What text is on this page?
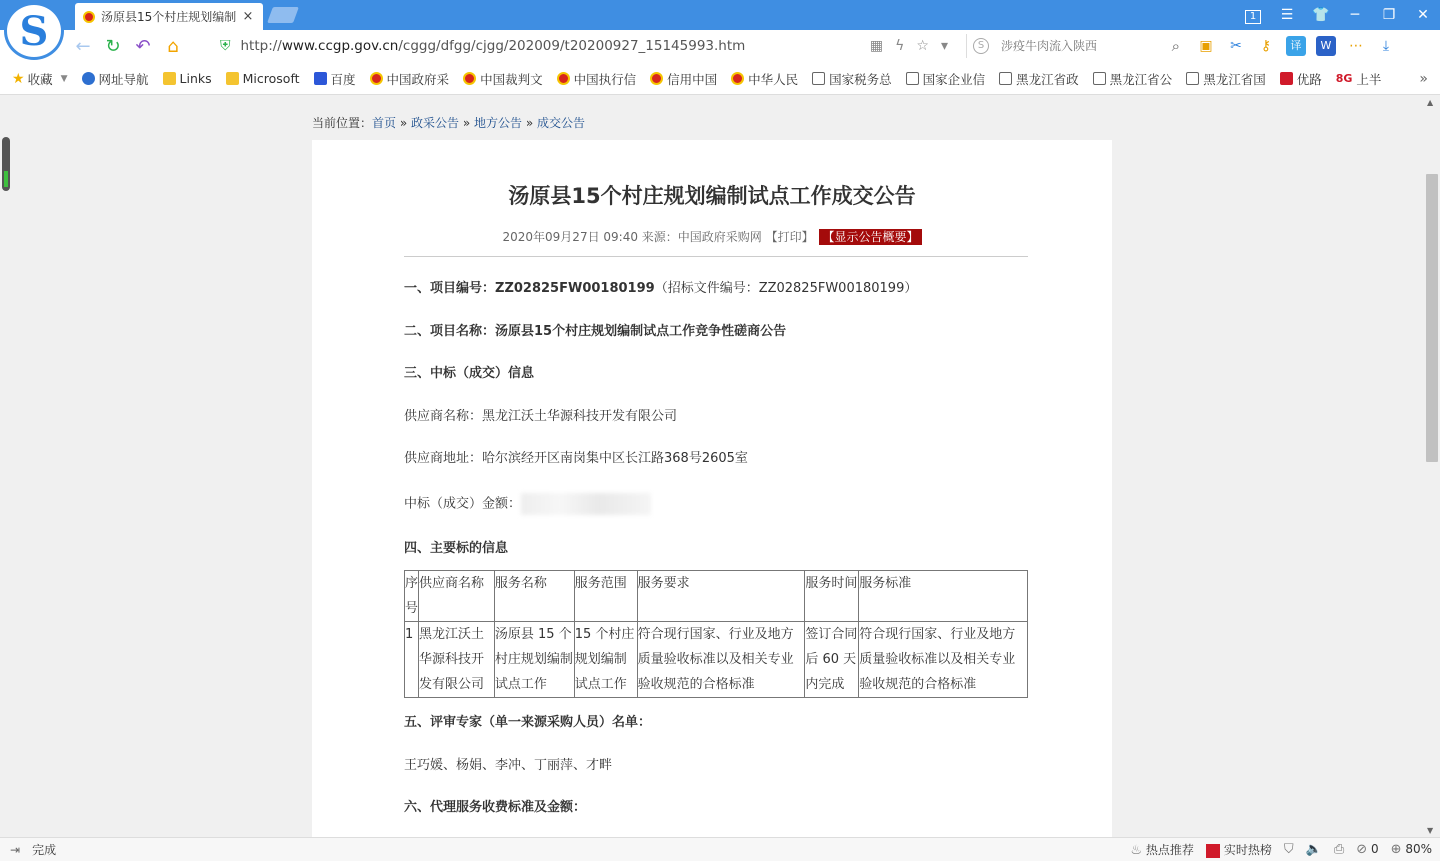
汤原县15个村庄规划编制 ×	1	☰	👕	─	❐	✕
S	← ↻ ↶ ⌂	⛨ http://www.ccgp.gov.cn/cggg/dfgg/cjgg/202009/t20200927_15145993.htm	▦ ϟ ☆ ▾	S
涉疫牛肉流入陕西	⌕ ▣ ✂	⚷	译	W	⋯	⤓
★ 收藏 ▼ 网址导航 Links Microsoft 百度 中国政府采 中国裁判文 中国执行信 信用中国 中华人民 国家税务总 国家企业信 黑龙江省政 黑龙江省公 黑龙江省国 优路 8G 上半	»
当前位置：首页 » 政采公告 » 地方公告 » 成交公告
汤原县15个村庄规划编制试点工作成交公告
2020年09月27日 09:40 来源：中国政府采购网 【打印】 【显示公告概要】

一、项目编号：ZZ02825FW00180199（招标文件编号：ZZ02825FW00180199）

二、项目名称：汤原县15个村庄规划编制试点工作竞争性磋商公告

三、中标（成交）信息

供应商名称：黑龙江沃土华源科技开发有限公司

供应商地址：哈尔滨经开区南岗集中区长江路368号2605室

中标（成交）金额：

四、主要标的信息

序号	供应商名称	服务名称	服务范围	服务要求	服务时间	服务标准
1	黑龙江沃土华源科技开发有限公司	汤原县 15 个村庄规划编制试点工作	15 个村庄规划编制试点工作	符合现行国家、行业及地方质量验收标准以及相关专业验收规范的合格标准	签订合同后 60 天内完成	符合现行国家、行业及地方质量验收标准以及相关专业验收规范的合格标准

五、评审专家（单一来源采购人员）名单：

王巧媛、杨娟、李冲、丁丽萍、才畔

六、代理服务收费标准及金额：

▲
▼
⇥ 完成	♨ 热点推荐	实时热榜 ⛉ 🔈 ⎙ ⊘ 0 ⊕ 80%
